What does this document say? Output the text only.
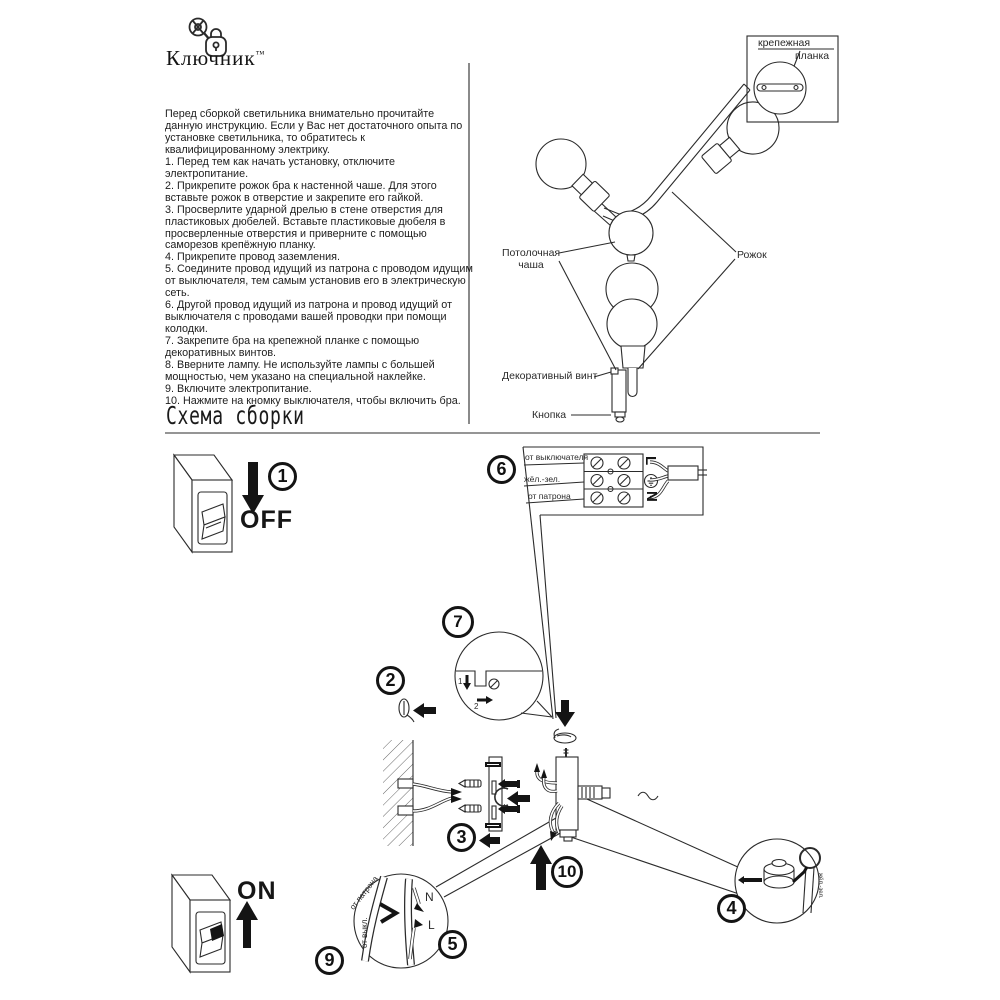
Ключник™
Перед сборкой светильника внимательно прочитайте
данную инструкцию. Если у Вас нет достаточного опыта по
установке светильника, то обратитесь к
квалифицированному электрику.
1. Перед тем как начать установку, отключите
электропитание.
2. Прикрепите рожок бра к настенной чаше. Для этого
вставьте рожок в отверстие и закрепите его гайкой.
3. Просверлите ударной дрелью в стене отверстия для
пластиковых дюбелей. Вставьте пластиковые дюбеля в
просверленные отверстия и приверните с помощью
саморезов крепёжную планку.
4. Прикрепите провод заземления.
5. Соедините провод идущий из патрона с проводом идущим
от выключателя, тем самым установив его в электрическую
сеть.
6. Другой провод идущий из патрона и провод идущий от
выключателя с проводами вашей проводки при помощи
колодки.
7. Закрепите бра на крепежной планке с помощью
декоративных винтов.
8. Вверните лампу. Не используйте лампы с большей
мощностью, чем указано на специальной наклейке.
9. Включите электропитание.
10. Нажмите на кномку выключателя, чтобы включить бра.
Схема сборки
крепежная
планка
Потолочная
чаша
Рожок
Декоративный винт
Кнопка
OFF
ON
от выключателя
жёл.-зел.
от патрона
L
N
1
2
N
L
от патрона
от выкл.
жёл.-зел.
1
2
3
4
5
6
7
9
10
